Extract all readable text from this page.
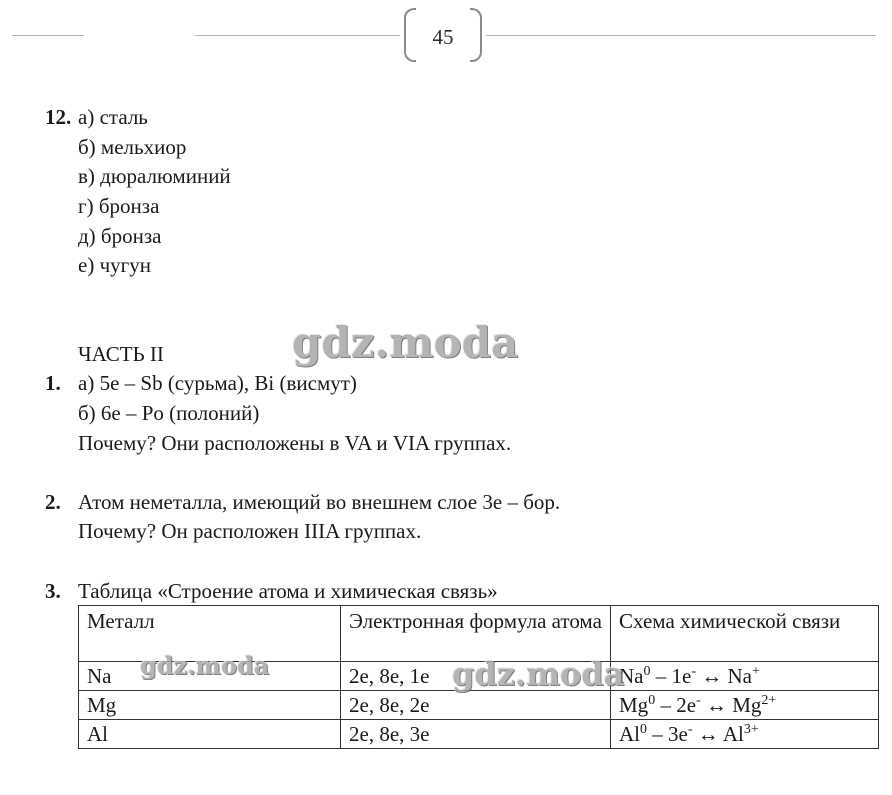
45
12. а) сталь
б) мельхиор
в) дюралюминий
г) бронза
д) бронза
е) чугун
ЧАСТЬ II
1. а) 5е – Sb (сурьма), Bi (висмут)
б) 6е – Po (полоний)
Почему? Они расположены в VA и VIA группах.
2. Атом неметалла, имеющий во внешнем слое 3е – бор.
Почему? Он расположен IIIA группах.
3. Таблица «Строение атома и химическая связь»
Металл	Электронная формула атома	Схема химической связи
Na	2е, 8е, 1е	Na$^0$ – 1e- ↔ Na+
Mg	2е, 8е, 2е	Mg$^0$ – 2e- ↔ $Mg^{2+}$
Al	2е, 8е, 3е	Al$^0$ – 3e- ↔ $Al^{3+}$
gdz.moda
gdz.moda	gdz.moda
